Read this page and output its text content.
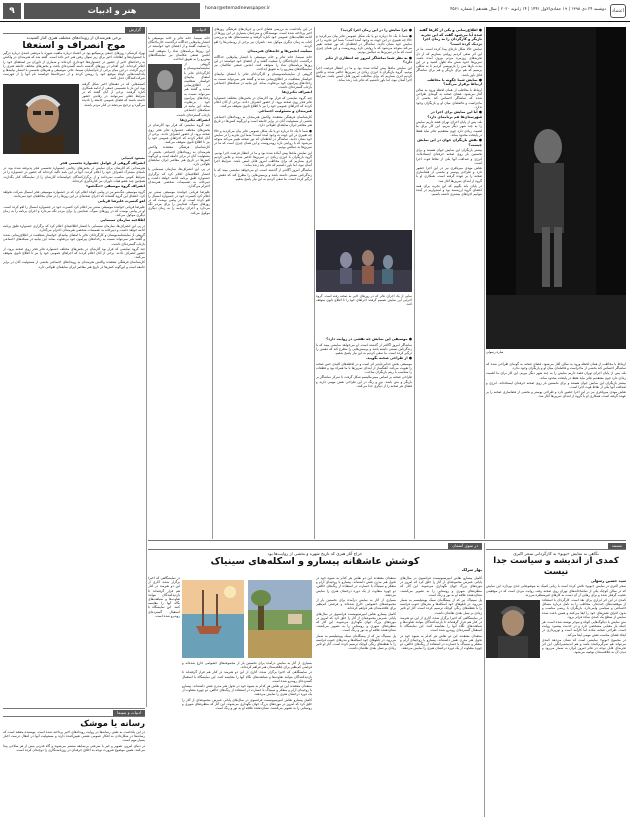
اعتماد
دوشنبه ۲۴ دی ۱۳۹۸ | ۱۹ جمادی‌الاول ۱۴۴۱ | ۱۴ ژانویه ۲۰۲۰ | سال هفدهم | شماره ۴۵۶۱
honar@etemadnewspaper.ir
هنر و ادبیات
۹
ساره رسولی
● اطلاع‌رسانی و یکی از کارها گفته شده آیا می‌شود گفت که این تجربه بازیگر و کارگردان را به زمان اجرا نزدیک کرده است؟

نمایش حالا شکل تازه‌ای پیدا کرده است. ما در این اثر سعی کردیم روایتی بسازیم که از دل تجربه‌های روزمره مردم بیرون آمده باشد. تمرین‌ها حدود شش ماه طول کشید و در این مدت بارها متن را بازنویسی کردیم تا به شکلی برسیم که هم برای بازیگر و هم برای تماشاگر قابل باور باشد.

● نمایش شما چگونه با مخاطب ارتباط برقرار می‌کند؟

ارتباط با مخاطب از همان لحظه ورود به سالن آغاز می‌شود. فضای صحنه به گونه‌ای طراحی شده که تماشاگر احساس کند بخشی از ماجراست و فاصله‌ای میان او و بازیگران وجود ندارد.

● آیا این نمایش برای اجرا در شهرستان‌ها هم برنامه‌ای دارد؟

بله، پس از پایان اجرای تهران قصد داریم نمایش را به چند شهر دیگر ببریم. این کار برای ما اهمیت زیادی دارد چون معتقدیم تئاتر نباید فقط در پایتخت محدود بماند.

● نقش بازیگران جوان در این نمایش چیست؟

بیشتر بازیگران این نمایش جوان هستند و برای نخستین بار روی صحنه حرفه‌ای ایستاده‌اند. انرژی و صداقت آنها یکی از نقاط قوت اجرا است.

نقاش مهدی میرباقری نیز در این اجرا حضور دارد و طراحی پوستر و بخشی از فضاسازی صحنه را بر عهده گرفته است. همکاری او با گروه از ابتدای تمرین‌ها آغاز شد.

در پایان باید بگویم که این تجربه برای همه اعضای گروه ارزشمند بود و امیدواریم در آینده بتوانیم اجراهای بیشتری داشته باشیم.

ارتباط با مخاطب از همان لحظه ورود به سالن آغاز می‌شود. فضای صحنه به گونه‌ای طراحی شده که تماشاگر احساس کند بخشی از ماجراست و فاصله‌ای میان او و بازیگران وجود ندارد.

بله، پس از پایان اجرای تهران قصد داریم نمایش را به چند شهر دیگر ببریم. این کار برای ما اهمیت زیادی دارد چون معتقدیم تئاتر نباید فقط در پایتخت محدود بماند.

بیشتر بازیگران این نمایش جوان هستند و برای نخستین بار روی صحنه حرفه‌ای ایستاده‌اند. انرژی و صداقت آنها یکی از نقاط قوت اجرا است.

نقاش مهدی میرباقری نیز در این اجرا حضور دارد و طراحی پوستر و بخشی از فضاسازی صحنه را بر عهده گرفته است. همکاری او با گروه از ابتدای تمرین‌ها آغاز شد.

● چرا نمایش را در این زمان اجرا کردید؟

● شما تا یک جا درباره دو یا یک شکل عمومی تئاتر بیان می‌کردید و حالا چه تغییری در این جهت به وجود آمده است؟ شما این تجربه را در نمایش خود نشان دادید. تماشاگر در لحظه‌ای که نور صحنه تغییر می‌کند متوجه می‌شود که با روایتی تازه روبه‌روست و این همان چیزی است که ما در تمرین‌ها به دنبالش بودیم.

● به نظر شما تماشاگر امروز چه انتظاری از تئاتر دارد؟

این نمایش ماه‌ها پیش آماده شده بود و ما در انتظار فرصت اجرا بودیم. گروه بازیگران با انرژی زیادی در تمرین‌ها حاضر شدند و تلاش کردیم اثری بسازیم که برای مخاطب امروز قابل لمس باشد. شرایط اجرا آسان نبود، اما باور داشتیم که تئاتر باید زنده بماند.

نمایی از یک اجرای تئاتر که در روزهای اخیر به صحنه رفته است. گروه اجرایی این نمایش تصمیم گرفتند اجراهای خود را تا اطلاع ثانوی متوقف کنند.
● موسیقی این نمایش چه نقشی در روایت دارد؟

تماشاگر امروز آگاه‌تر از گذشته است. او می‌خواهد نمایشی ببیند که با زندگی‌اش نسبتی داشته باشد و پرسش‌هایی را مطرح کند که ذهنش را درگیر کرده است. ما سعی کردیم به این نیاز پاسخ بدهیم.

● از طراحی صحنه بگویید.

موسیقی بخش جدایی‌ناپذیر اثر است و در لحظه‌های کلیدی حس صحنه را تقویت می‌کند. آهنگساز از ابتدای تمرین‌ها با ما همراه بود و قطعات را متناسب با ریتم بازیگران ساخت.

طراحی صحنه بر اساس مینی‌مالیسم شکل گرفت تا تمرکز تماشاگر بر بازیگر و متن باشد. نور و رنگ در این طراحی نقش مهمی دارند و فضای هر صحنه را از دیگری جدا می‌کنند.

در این یادداشت به بررسی فضای ادبی و جریان‌های فرهنگی روزهای اخیر پرداخته شده است. نویسندگان و مترجمان بسیاری در این روزها از ادامه فعالیت‌های عمومی خود کناره گرفتند و نشست‌های نقد و بررسی کتاب به زمان دیگری موکول شد. ناشران نیز برخی از رونمایی‌ها را لغو کردند.

تسلیت انجمن‌ها و خانه‌های هنرمندان

خانه سینما، خانه تئاتر و خانه موسیقی با انتشار پیام‌هایی جداگانه درگذشت جان‌باختگان را تسلیت گفتند و از اعضای خود خواستند در این روزها برنامه‌های شاد را متوقف کنند. انجمن صنفی عکاسان نیز نمایشگاه‌های پیش‌رو را به تعویق انداخت.

گروهی از نمایشنامه‌نویسان و کارگردانان تئاتر با امضای بیانیه‌ای خواستار شفافیت در اطلاع‌رسانی شدند و گفتند هنر نمی‌تواند نسبت به رخدادهای پیرامون خود بی‌تفاوت بماند. این بیانیه در شبکه‌های اجتماعی بازتاب گسترده‌ای داشت.

انصراف تئاتری‌ها

چند گروه نمایشی که قرار بود آثارشان در بخش‌های مختلف جشنواره تئاتر فجر روی صحنه برود، از حضور انصراف دادند. برخی از آنان اعلام کردند که اجراهای عمومی خود را نیز تا اطلاع ثانوی متوقف می‌کنند.

هنرمندان و مسئولیت اجتماعی

کارشناسان فرهنگی معتقدند واکنش هنرمندان به رویدادهای اجتماعی بخشی از مسئولیت آنان در برابر جامعه است و این‌گونه کنش‌ها در تاریخ هنر معاصر ایران سابقه‌ای طولانی دارد.

● شما تا یک جا درباره دو یا یک شکل عمومی تئاتر بیان می‌کردید و حالا چه تغییری در این جهت به وجود آمده است؟ شما این تجربه را در نمایش خود نشان دادید. تماشاگر در لحظه‌ای که نور صحنه تغییر می‌کند متوجه می‌شود که با روایتی تازه روبه‌روست و این همان چیزی است که ما در تمرین‌ها به دنبالش بودیم.

این نمایش ماه‌ها پیش آماده شده بود و ما در انتظار فرصت اجرا بودیم. گروه بازیگران با انرژی زیادی در تمرین‌ها حاضر شدند و تلاش کردیم اثری بسازیم که برای مخاطب امروز قابل لمس باشد. شرایط اجرا آسان نبود، اما باور داشتیم که تئاتر باید زنده بماند.

تماشاگر امروز آگاه‌تر از گذشته است. او می‌خواهد نمایشی ببیند که با زندگی‌اش نسبتی داشته باشد و پرسش‌هایی را مطرح کند که ذهنش را درگیر کرده است. ما سعی کردیم به این نیاز پاسخ بدهیم.

ادبیات

خانه سینما، خانه تئاتر و خانه موسیقی با انتشار پیام‌هایی جداگانه درگذشت جان‌باختگان را تسلیت گفتند و از اعضای خود خواستند در این روزها برنامه‌های شاد را متوقف کنند. انجمن صنفی عکاسان نیز نمایشگاه‌های پیش‌رو را به تعویق انداخت.

گروهی از نمایشنامه‌نویسان و کارگردانان تئاتر با امضای بیانیه‌ای خواستار شفافیت در اطلاع‌رسانی شدند و گفتند هنر نمی‌تواند نسبت به رخدادهای پیرامون خود بی‌تفاوت بماند. این بیانیه در شبکه‌های اجتماعی بازتاب گسترده‌ای داشت.

انصراف تئاتری‌ها

چند گروه نمایشی که قرار بود آثارشان در بخش‌های مختلف جشنواره تئاتر فجر روی صحنه برود، از حضور انصراف دادند. برخی از آنان اعلام کردند که اجراهای عمومی خود را نیز تا اطلاع ثانوی متوقف می‌کنند.

کارشناسان فرهنگی معتقدند واکنش هنرمندان به رویدادهای اجتماعی بخشی از مسئولیت آنان در برابر جامعه است و این‌گونه کنش‌ها در تاریخ هنر معاصر ایران سابقه‌ای طولانی دارد.

در پی این انصراف‌ها، سازمان سینمایی با انتشار اطلاعیه‌ای اعلام کرد که برگزاری جشنواره طبق برنامه ادامه خواهد داشت و دبیرخانه به تصمیمات شخصی هنرمندان احترام می‌گذارد.

علیرضا قربانی خواننده موسیقی سنتی نیز اعلام کرد کنسرت خود در جشنواره امسال را لغو کرده است. او در پیامی نوشت که در روزهای سوگ، صدایش را برای مردم نگه می‌دارد و اجرای برنامه را به زمان دیگری موکول می‌کند.

گزارش
برخی هنرمندان از رویدادهای مختلف هنری کنار کشیدند
موج انصراف و استعفا

بهراد کرشکی: روزهای جمعی پرسپکتیو بود در اعتماد درباره ماهیت شهره با مرتضی اسدی درباره درگیر با جشنواره‌ها و اتفاقات اخیر برای زیر سوال رفتن هنر خبر داده است. گفته شد که هنرمندان در واکنش به رخدادهای اخیر از حضور در جشنواره‌ها خودداری کرده‌اند و شماری از داوران نیز استعفای خود را اعلام کرده‌اند. این اقدام در روزهای گذشته دامنه گسترده‌ای یافت و بخش‌های مختلف جامعه هنری را دربر گرفت. در این میان برخی از نام‌آشنایان سینما، تئاتر، موسیقی و هنرهای تجسمی با انتشار بیانیه‌ها و یادداشت‌هایی کوتاه موضع خود را روشن کردند و از دبیرخانه‌ها خواستند نام آنها را از فهرست شرکت‌کنندگان حذف کنند.

کمیته‌هایی که در دهه‌های اخیر شکل گرفته بود، این بار با تصمیمی جمعی از ادامه همکاری کناره گرفتند. برخی از آنان گفتند که در شرایط فعلی نمی‌توانند در رقابتی حضور داشته باشند که فضای عمومی جامعه را نادیده می‌گیرد و ترجیح می‌دهند در کنار مردم باشند.

مسعود کیمیایی
انصراف گروهی از عوامل جشنواره تجسمی فجر

هنرمندانی که آثارشان برای نمایش در بخش‌های رقابتی جشنواره تجسمی فجر پذیرفته شده بود، در نامه‌ای مشترک انصراف خود را اعلام کردند. آنها در این نامه تاکید کرده‌اند که حضور در جشنواره را در شرایط کنونی مناسب نمی‌دانند و از برگزارکنندگان خواسته‌اند آثارشان را از نمایشگاه کنار بگذارند. همچنین چند عضو هیات داوران نیز کناره‌گیری کرده‌اند.

انصراف گروه موسیقی «دنگ‌شو»

گروه موسیقی دنگ‌شو نیز در پیامی کوتاه اعلام کرد که در جشنواره موسیقی فجر امسال شرکت نخواهد کرد. اعضای این گروه گفته‌اند که اجرای صحنه‌ای در این روزها را در شأن مخاطبان خود نمی‌دانند.

لغو کنسرت علیرضا قربانی

علیرضا قربانی خواننده موسیقی سنتی نیز اعلام کرد کنسرت خود در جشنواره امسال را لغو کرده است. او در پیامی نوشت که در روزهای سوگ، صدایش را برای مردم نگه می‌دارد و اجرای برنامه را به زمان دیگری موکول می‌کند.

اطلاعیه سازمان سینمایی

در پی این انصراف‌ها، سازمان سینمایی با انتشار اطلاعیه‌ای اعلام کرد که برگزاری جشنواره طبق برنامه ادامه خواهد داشت و دبیرخانه به تصمیمات شخصی هنرمندان احترام می‌گذارد.

گروهی از نمایشنامه‌نویسان و کارگردانان تئاتر با امضای بیانیه‌ای خواستار شفافیت در اطلاع‌رسانی شدند و گفتند هنر نمی‌تواند نسبت به رخدادهای پیرامون خود بی‌تفاوت بماند. این بیانیه در شبکه‌های اجتماعی بازتاب گسترده‌ای داشت.

چند گروه نمایشی که قرار بود آثارشان در بخش‌های مختلف جشنواره تئاتر فجر روی صحنه برود، از حضور انصراف دادند. برخی از آنان اعلام کردند که اجراهای عمومی خود را نیز تا اطلاع ثانوی متوقف می‌کنند.

کارشناسان فرهنگی معتقدند واکنش هنرمندان به رویدادهای اجتماعی بخشی از مسئولیت آنان در برابر جامعه است و این‌گونه کنش‌ها در تاریخ هنر معاصر ایران سابقه‌ای طولانی دارد.

مستند
نگاهی به نمایش «بونو» به کارگردانی سحر اکبری
کمدی از اندیشه و سیاست جدا نیست
سید حسین رسولی

سحر اکبری در نمایش «بونو» تلاش کرده است با زبانی کمیک به موضوعاتی جدی بپردازد. این نمایش که در سالن کوچک یکی از تماشاخانه‌های تهران روی صحنه رفته، روایت مردی است که در موقعیتی عجیب گرفتار شده و برای رهایی از آن دست به کارهای غیرمنتظره می‌زند.

کمدی در این اثر ابزاری برای نقد است. کارگردان با استفاده از موقعیت‌های خنده‌دار، مخاطب را به تامل درباره مسائل اجتماعی و سیاسی وامی‌دارد. بازیگران با ریتمی مناسب و بدون اغراق نقش‌های خود را ایفا می‌کنند و همین باعث شده نمایش از سطح یک کمدی ساده فراتر برود.

متن نمایش با دیالوگ‌هایی کوتاه و موجز نوشته شده است. هر جمله بار معنایی مشخصی دارد و در خدمت پیشبرد روایت است. طراحی صحنه ساده اما کارآمد است و نورپردازی در ایجاد فضای مناسب نقش مهمی ایفا می‌کند.

در مجموع «بونو» نمایشی است که نشان می‌دهد کمدی می‌تواند هم سرگرم‌کننده باشد و هم اندیشه‌برانگیز. این اثر تجربه‌ای قابل توجه در تئاتر امروز ایران به شمار می‌رود و دیدن آن به علاقه‌مندان توصیه می‌شود.

در سوی آسمان
خراج آثار هنری که تاریخ شهره و بخشی از روایت‌ها بود
کوشش عاشقانه پیسارو و اسکله‌های سینیاک
بهار سرلک

کامیل پیسارو نقاش امپرسیونیست فرانسوی در سال‌های پایانی عمرش مجموعه‌ای از آثار را خلق کرد که امروز در موزه‌های بزرگ جهان نگهداری می‌شوند. این آثار که منظره‌های شهری و روستایی را به تصویر می‌کشند، نشان‌دهنده علاقه او به نور و رنگ است.

پل سینیاک نیز که از پیشگامان سبک پوینتیلیسم به شمار می‌رود، در تابلوهای خود اسکله‌ها و بندرهای جنوب فرانسه را با نقطه‌های رنگی کوچک ترسیم کرده است. آثار او تاثیر زیادی بر نسل بعدی نقاشان داشت.

در نمایشگاهی که اخیرا برگزار شده، آثاری از این دو هنرمند در کنار هم قرار گرفته‌اند تا بازدیدکنندگان بتوانند تفاوت‌ها و شباهت‌های نگاه آنها را مقایسه کنند. این نمایشگاه با استقبال گسترده‌ای روبه‌رو شده است.

منتقدان معتقدند این دو نقاش هر کدام به شیوه خود در تحول هنر مدرن نقش داشته‌اند. پیسارو با روحیه‌ای آرام و متفکر و سینیاک با جسارت در استفاده از رنگ‌های خالص، دو چهره متفاوت از یک دوره درخشان هنری را نمایش می‌دهند.

منتقدان معتقدند این دو نقاش هر کدام به شیوه خود در تحول هنر مدرن نقش داشته‌اند. پیسارو با روحیه‌ای آرام و متفکر و سینیاک با جسارت در استفاده از رنگ‌های خالص، دو چهره متفاوت از یک دوره درخشان هنری را نمایش می‌دهند.

بسیاری از آثار به نمایش درآمده برای نخستین بار از مجموعه‌های خصوصی خارج شده‌اند و فرصتی کم‌نظیر برای علاقه‌مندان هنر فراهم کرده‌اند.

کامیل پیسارو نقاش امپرسیونیست فرانسوی در سال‌های پایانی عمرش مجموعه‌ای از آثار را خلق کرد که امروز در موزه‌های بزرگ جهان نگهداری می‌شوند. این آثار که منظره‌های شهری و روستایی را به تصویر می‌کشند، نشان‌دهنده علاقه او به نور و رنگ است.

پل سینیاک نیز که از پیشگامان سبک پوینتیلیسم به شمار می‌رود، در تابلوهای خود اسکله‌ها و بندرهای جنوب فرانسه را با نقطه‌های رنگی کوچک ترسیم کرده است. آثار او تاثیر زیادی بر نسل بعدی نقاشان داشت.

در نمایشگاهی که اخیرا برگزار شده، آثاری از این دو هنرمند در کنار هم قرار گرفته‌اند تا بازدیدکنندگان بتوانند تفاوت‌ها و شباهت‌های نگاه آنها را مقایسه کنند. این نمایشگاه با استقبال گسترده‌ای روبه‌رو شده است.

بسیاری از آثار به نمایش درآمده برای نخستین بار از مجموعه‌های خصوصی خارج شده‌اند و فرصتی کم‌نظیر برای علاقه‌مندان هنر فراهم کرده‌اند.

در نمایشگاهی که اخیرا برگزار شده، آثاری از این دو هنرمند در کنار هم قرار گرفته‌اند تا بازدیدکنندگان بتوانند تفاوت‌ها و شباهت‌های نگاه آنها را مقایسه کنند. این نمایشگاه با استقبال گسترده‌ای روبه‌رو شده است.

منتقدان معتقدند این دو نقاش هر کدام به شیوه خود در تحول هنر مدرن نقش داشته‌اند. پیسارو با روحیه‌ای آرام و متفکر و سینیاک با جسارت در استفاده از رنگ‌های خالص، دو چهره متفاوت از یک دوره درخشان هنری را نمایش می‌دهند.

کامیل پیسارو نقاش امپرسیونیست فرانسوی در سال‌های پایانی عمرش مجموعه‌ای از آثار را خلق کرد که امروز در موزه‌های بزرگ جهان نگهداری می‌شوند. این آثار که منظره‌های شهری و روستایی را به تصویر می‌کشند، نشان‌دهنده علاقه او به نور و رنگ است.

ادبیات و سینما
رسانه یا موشک

در این یادداشت به نقش رسانه‌ها در روایت رویدادهای اخیر پرداخته شده است. نویسنده معتقد است که رسانه‌ها در شکل‌دادن به افکار عمومی نقشی تعیین‌کننده دارند و مسئولیت آنها در انتقال درست اخبار بسیار مهم است.

در دنیای امروز، تصویر و خبر با سرعتی بی‌سابقه منتشر می‌شوند و گاه قدرتی بیش از هر سلاحی پیدا می‌کنند. همین موضوع ضرورت توجه به اخلاق حرفه‌ای در روزنامه‌نگاری را دوچندان کرده است.
